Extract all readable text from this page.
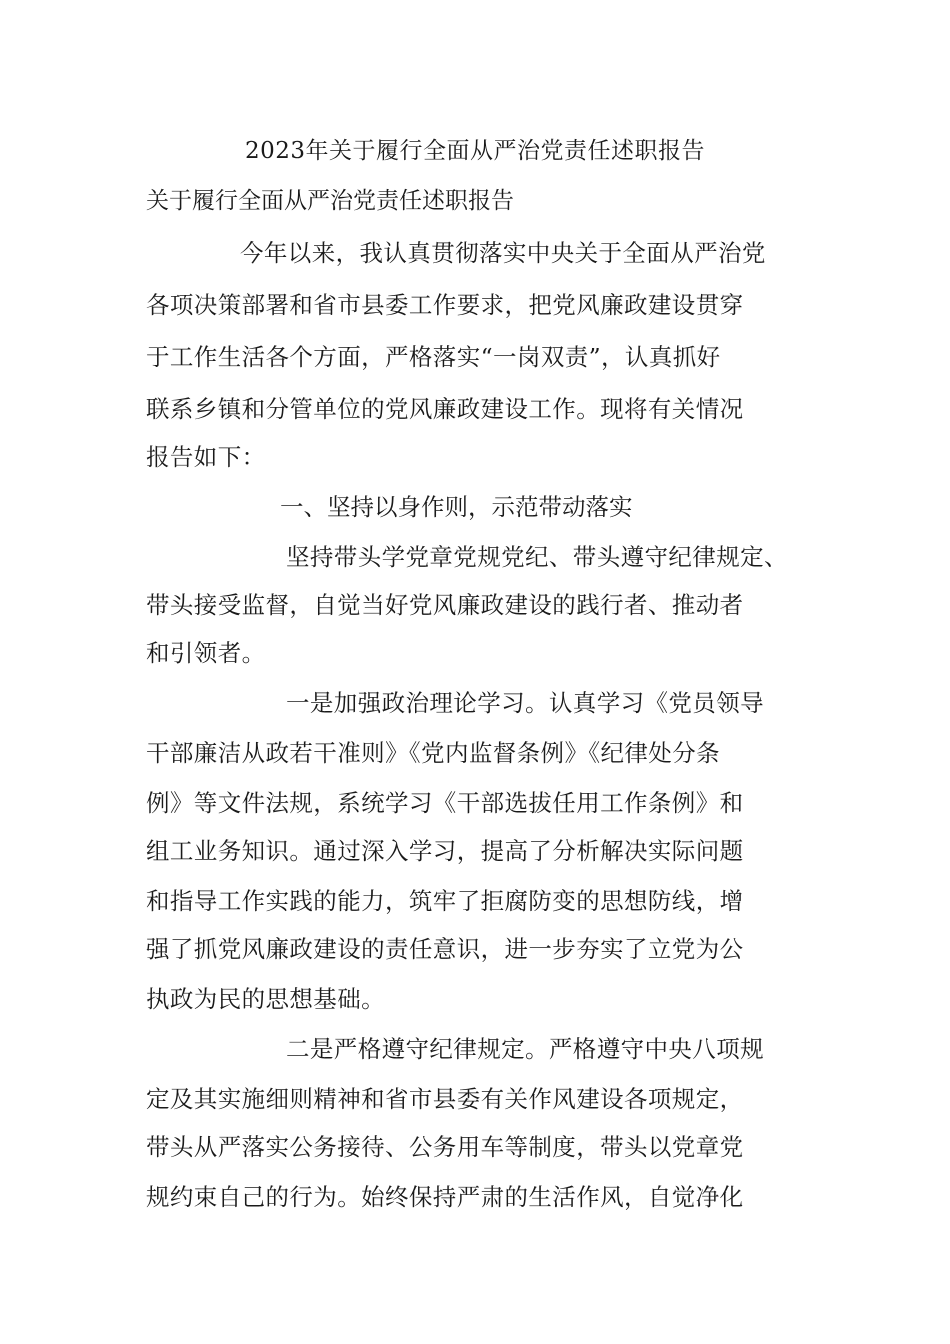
2023年关于履行全面从严治党责任述职报告
关于履行全面从严治党责任述职报告
今年以来，我认真贯彻落实中央关于全面从严治党
各项决策部署和省市县委工作要求，把党风廉政建设贯穿
于工作生活各个方面，严格落实“一岗双责”，认真抓好
联系乡镇和分管单位的党风廉政建设工作。现将有关情况
报告如下：
一、坚持以身作则，示范带动落实
坚持带头学党章党规党纪、带头遵守纪律规定、
带头接受监督，自觉当好党风廉政建设的践行者、推动者
和引领者。
一是加强政治理论学习。认真学习《党员领导
干部廉洁从政若干准则》《党内监督条例》《纪律处分条
例》等文件法规，系统学习《干部选拔任用工作条例》和
组工业务知识。通过深入学习，提高了分析解决实际问题
和指导工作实践的能力，筑牢了拒腐防变的思想防线，增
强了抓党风廉政建设的责任意识，进一步夯实了立党为公
执政为民的思想基础。
二是严格遵守纪律规定。严格遵守中央八项规
定及其实施细则精神和省市县委有关作风建设各项规定，
带头从严落实公务接待、公务用车等制度，带头以党章党
规约束自己的行为。始终保持严肃的生活作风，自觉净化
